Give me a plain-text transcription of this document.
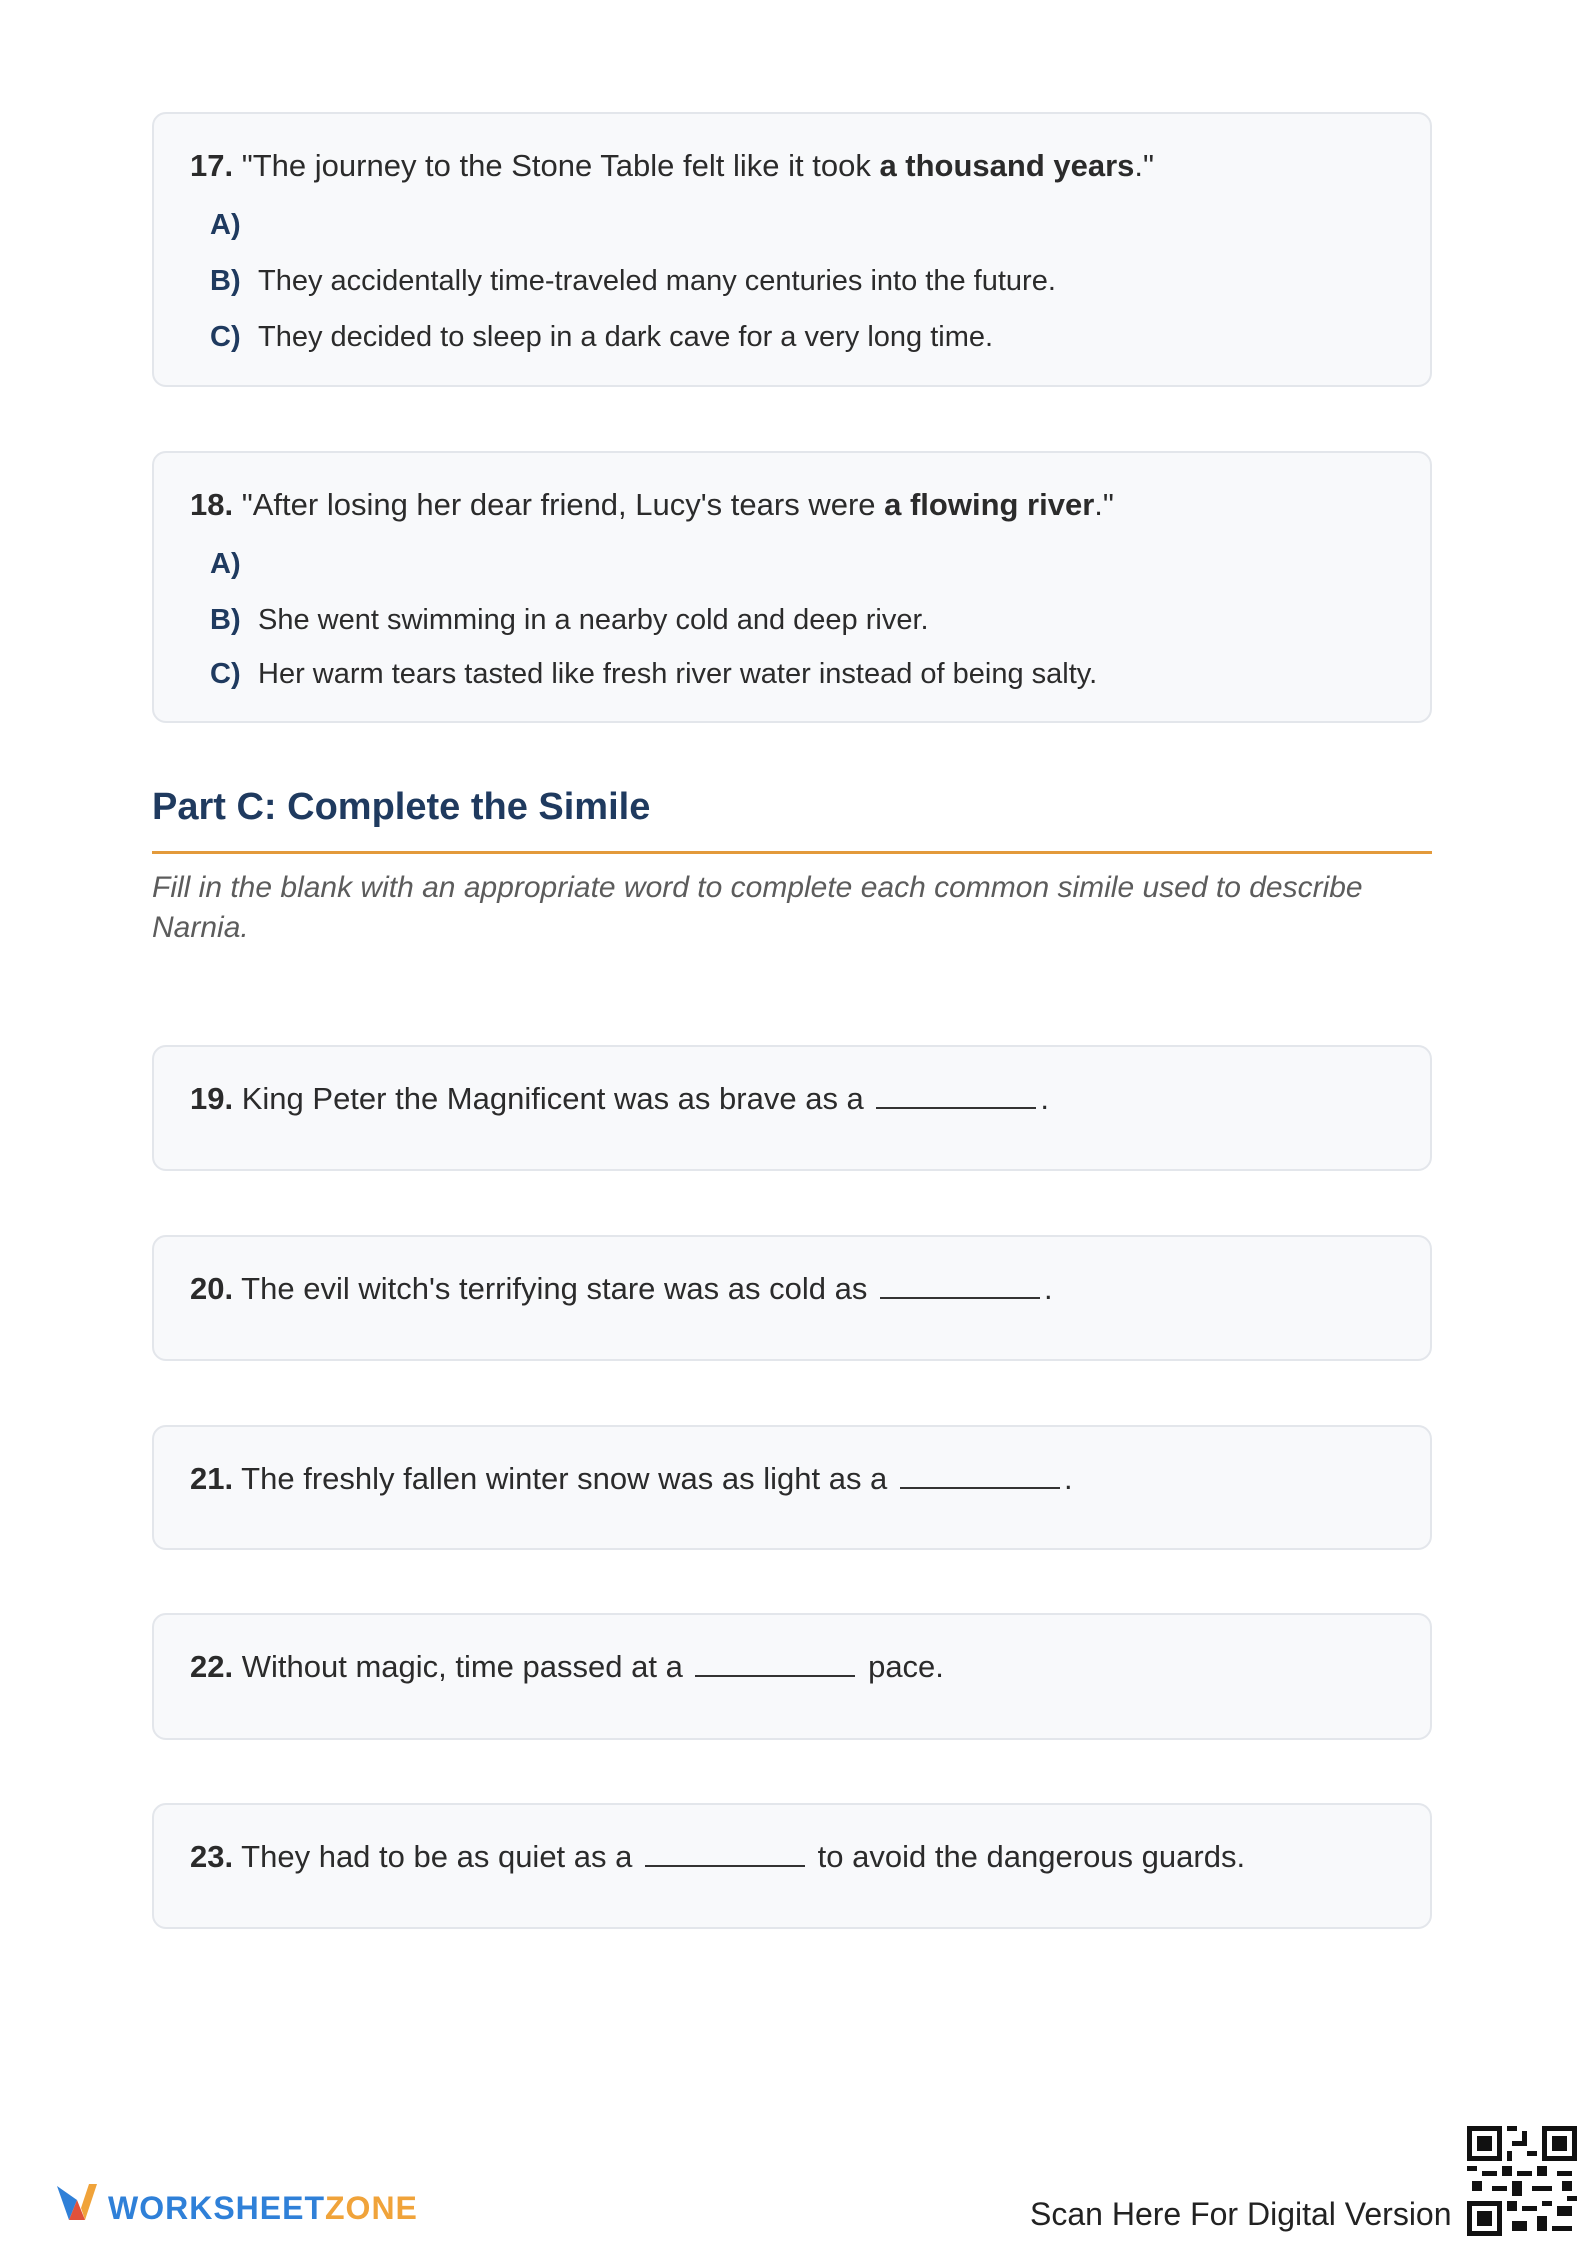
17. "The journey to the Stone Table felt like it took a thousand years."
A)
B) They accidentally time-traveled many centuries into the future.
C) They decided to sleep in a dark cave for a very long time.
18. "After losing her dear friend, Lucy's tears were a flowing river."
A)
B) She went swimming in a nearby cold and deep river.
C) Her warm tears tasted like fresh river water instead of being salty.
Part C: Complete the Simile
Fill in the blank with an appropriate word to complete each common simile used to describe Narnia.
19. King Peter the Magnificent was as brave as a	.
20. The evil witch's terrifying stare was as cold as	.
21. The freshly fallen winter snow was as light as a	.
22. Without magic, time passed at a	pace.
23. They had to be as quiet as a	to avoid the dangerous guards.
WORKSHEETZONE	Scan Here For Digital Version
